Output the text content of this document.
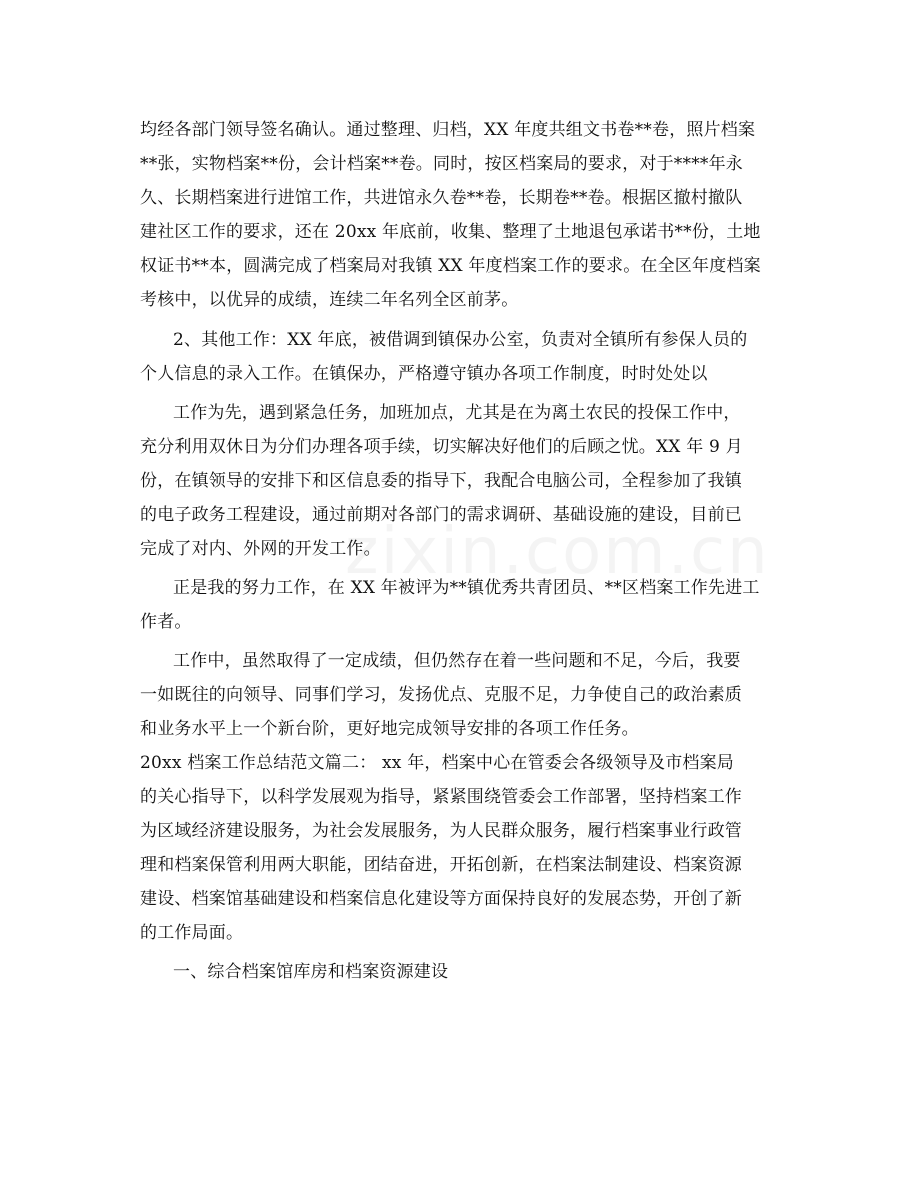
均经各部门领导签名确认。通过整理、归档，XX 年度共组文书卷**卷，照片档案
**张，实物档案**份，会计档案**卷。同时，按区档案局的要求，对于****年永
久、长期档案进行进馆工作，共进馆永久卷**卷，长期卷**卷。根据区撤村撤队
建社区工作的要求，还在 20xx 年底前，收集、整理了土地退包承诺书**份，土地
权证书**本，圆满完成了档案局对我镇 XX 年度档案工作的要求。在全区年度档案
考核中，以优异的成绩，连续二年名列全区前茅。
2、其他工作：XX 年底，被借调到镇保办公室，负责对全镇所有参保人员的
个人信息的录入工作。在镇保办，严格遵守镇办各项工作制度，时时处处以
工作为先，遇到紧急任务，加班加点，尤其是在为离土农民的投保工作中，
充分利用双休日为分们办理各项手续，切实解决好他们的后顾之忧。XX 年 9 月
份，在镇领导的安排下和区信息委的指导下，我配合电脑公司，全程参加了我镇
的电子政务工程建设，通过前期对各部门的需求调研、基础设施的建设，目前已
完成了对内、外网的开发工作。
正是我的努力工作，在 XX 年被评为**镇优秀共青团员、**区档案工作先进工
作者。
工作中，虽然取得了一定成绩，但仍然存在着一些问题和不足，今后，我要
一如既往的向领导、同事们学习，发扬优点、克服不足，力争使自己的政治素质
和业务水平上一个新台阶，更好地完成领导安排的各项工作任务。
20xx 档案工作总结范文篇二： xx 年，档案中心在管委会各级领导及市档案局
的关心指导下，以科学发展观为指导，紧紧围绕管委会工作部署，坚持档案工作
为区域经济建设服务，为社会发展服务，为人民群众服务，履行档案事业行政管
理和档案保管利用两大职能，团结奋进，开拓创新，在档案法制建设、档案资源
建设、档案馆基础建设和档案信息化建设等方面保持良好的发展态势，开创了新
的工作局面。
一、综合档案馆库房和档案资源建设
